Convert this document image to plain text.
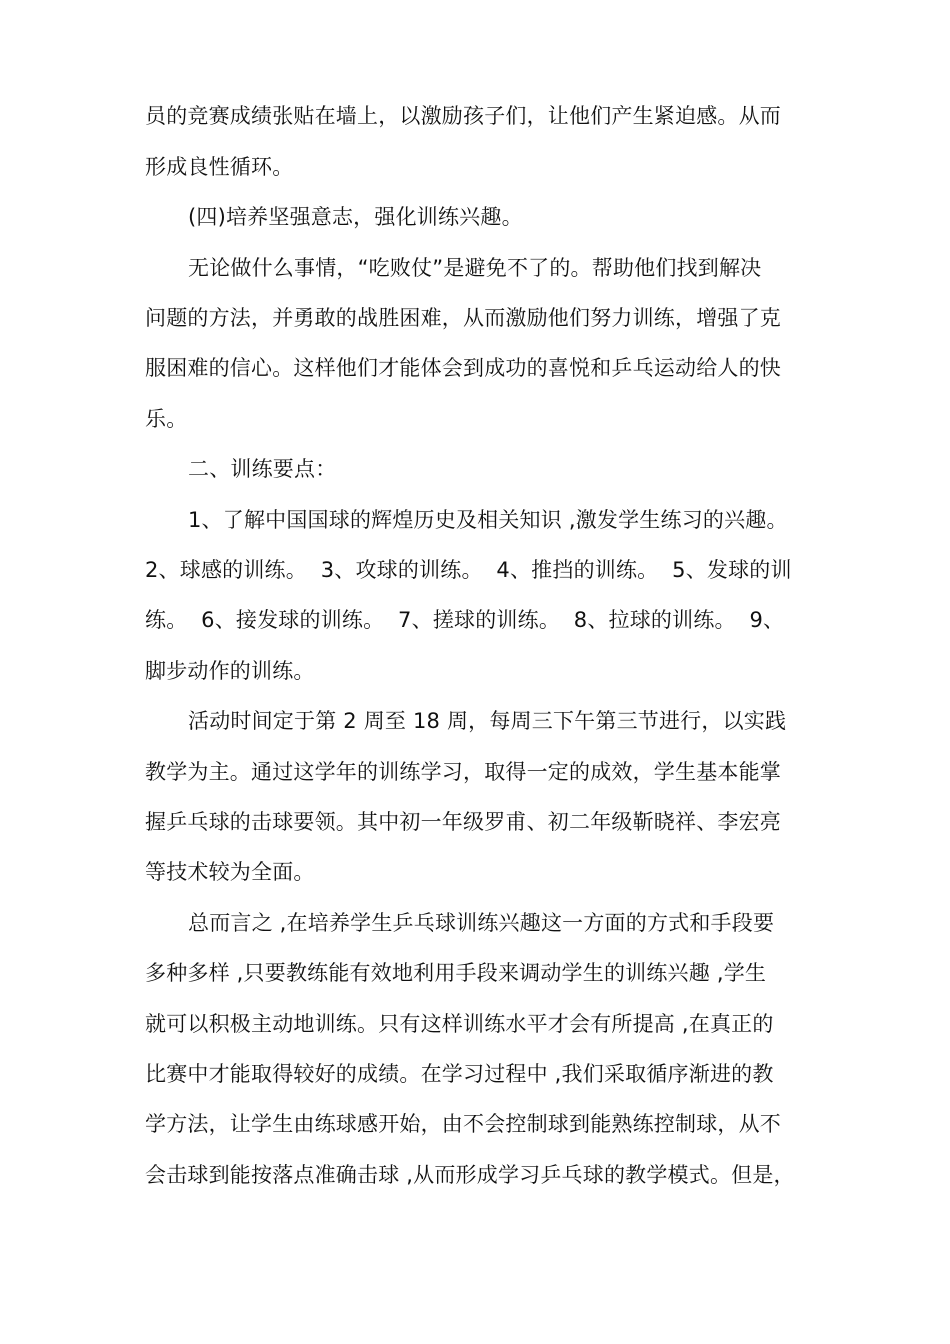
员的竞赛成绩张贴在墙上，以激励孩子们，让他们产生紧迫感。从而
形成良性循环。
(四)培养坚强意志，强化训练兴趣。
无论做什么事情，“吃败仗”是避免不了的。帮助他们找到解决
问题的方法，并勇敢的战胜困难，从而激励他们努力训练，增强了克
服困难的信心。这样他们才能体会到成功的喜悦和乒乓运动给人的快
乐。
二、训练要点：
1、了解中国国球的辉煌历史及相关知识 ,激发学生练习的兴趣。
2、球感的训练。  3、攻球的训练。  4、推挡的训练。  5、发球的训
练。  6、接发球的训练。  7、搓球的训练。  8、拉球的训练。  9、
脚步动作的训练。
活动时间定于第 2 周至 18 周，每周三下午第三节进行，以实践
教学为主。通过这学年的训练学习，取得一定的成效，学生基本能掌
握乒乓球的击球要领。其中初一年级罗甫、初二年级靳晓祥、李宏亮
等技术较为全面。
总而言之 ,在培养学生乒乓球训练兴趣这一方面的方式和手段要
多种多样 ,只要教练能有效地利用手段来调动学生的训练兴趣 ,学生
就可以积极主动地训练。只有这样训练水平才会有所提高 ,在真正的
比赛中才能取得较好的成绩。在学习过程中 ,我们采取循序渐进的教
学方法，让学生由练球感开始，由不会控制球到能熟练控制球，从不
会击球到能按落点准确击球 ,从而形成学习乒乓球的教学模式。但是，
